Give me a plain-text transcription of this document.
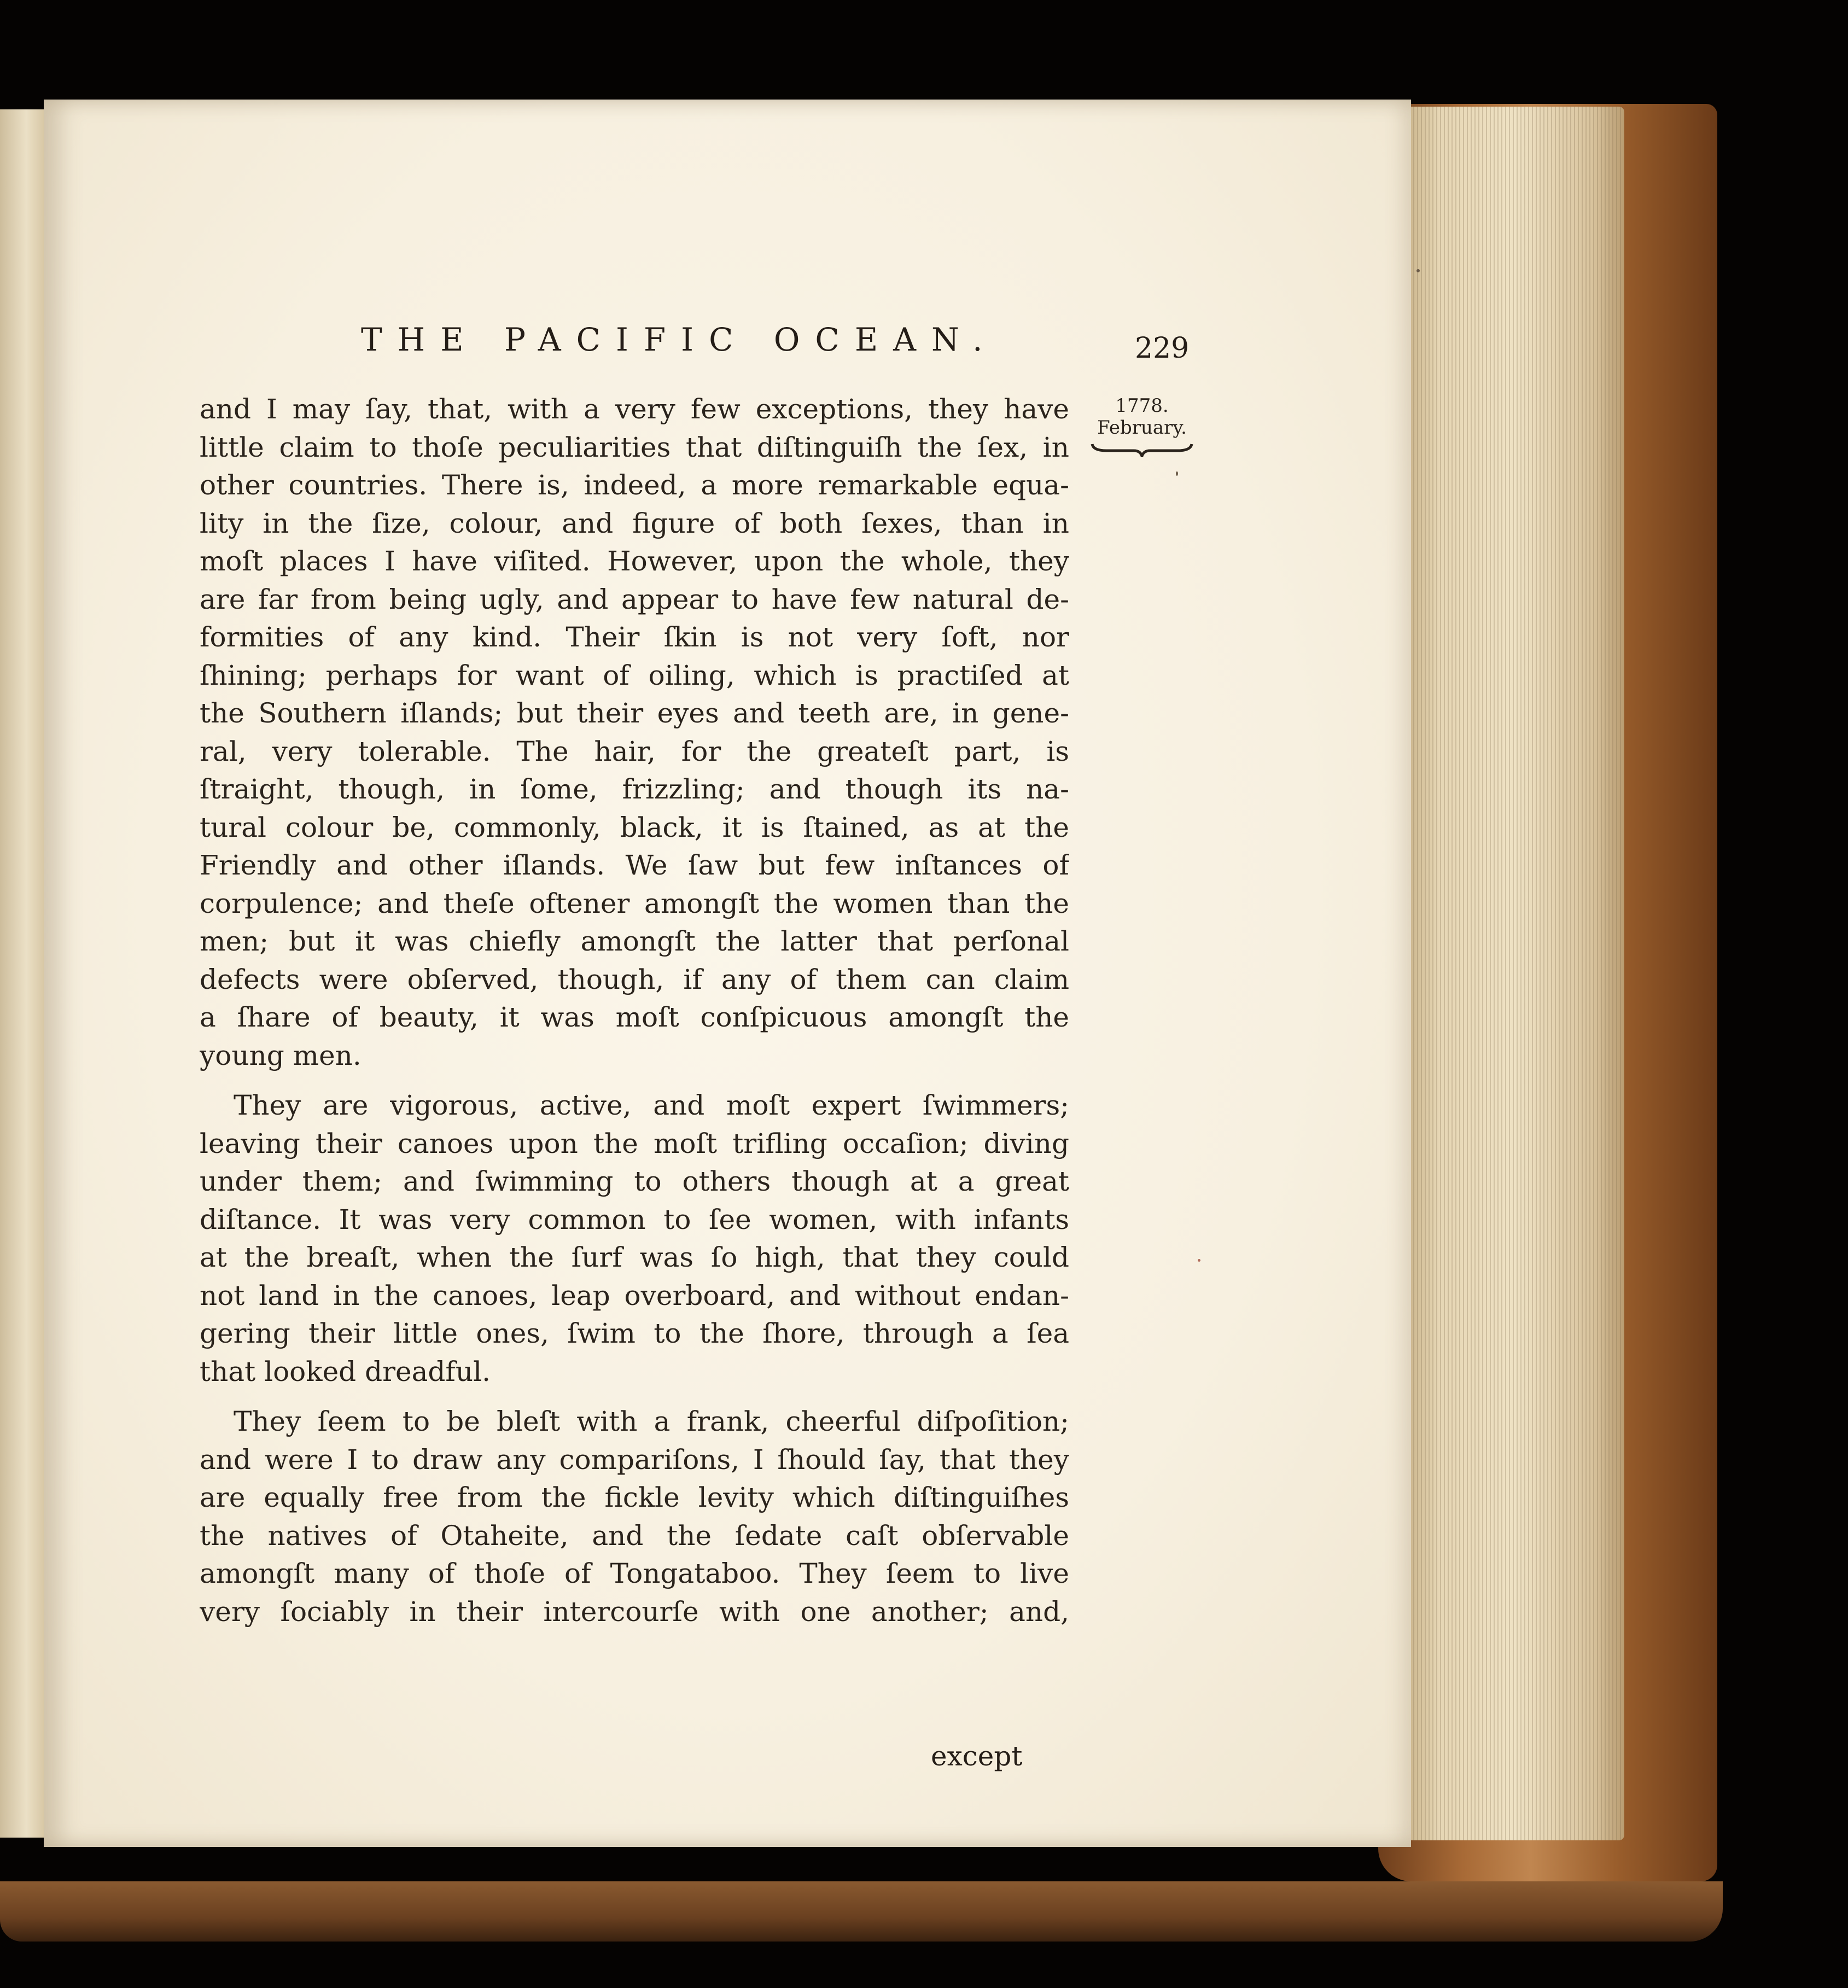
THE PACIFIC OCEAN.	229
1778.
February.
and I may ſay, that, with a very few exceptions, they have
little claim to thoſe peculiarities that diſtinguiſh the ſex, in
other countries. There is, indeed, a more remarkable equa-
lity in the ſize, colour, and figure of both ſexes, than in
moſt places I have viſited. However, upon the whole, they
are far from being ugly, and appear to have few natural de-
formities of any kind. Their ſkin is not very ſoft, nor
ſhining; perhaps for want of oiling, which is practiſed at
the Southern iſlands; but their eyes and teeth are, in gene-
ral, very tolerable. The hair, for the greateſt part, is
ſtraight, though, in ſome, frizzling; and though its na-
tural colour be, commonly, black, it is ſtained, as at the
Friendly and other iſlands. We ſaw but few inſtances of
corpulence; and theſe oftener amongſt the women than the
men; but it was chiefly amongſt the latter that perſonal
defects were obſerved, though, if any of them can claim
a ſhare of beauty, it was moſt conſpicuous amongſt the
young men.
They are vigorous, active, and moſt expert ſwimmers;
leaving their canoes upon the moſt trifling occaſion; diving
under them; and ſwimming to others though at a great
diſtance. It was very common to ſee women, with infants
at the breaſt, when the ſurf was ſo high, that they could
not land in the canoes, leap overboard, and without endan-
gering their little ones, ſwim to the ſhore, through a ſea
that looked dreadful.
They ſeem to be bleſt with a frank, cheerful diſpoſition;
and were I to draw any compariſons, I ſhould ſay, that they
are equally free from the fickle levity which diſtinguiſhes
the natives of Otaheite, and the ſedate caſt obſervable
amongſt many of thoſe of Tongataboo. They ſeem to live
very ſociably in their intercourſe with one another; and,
except
